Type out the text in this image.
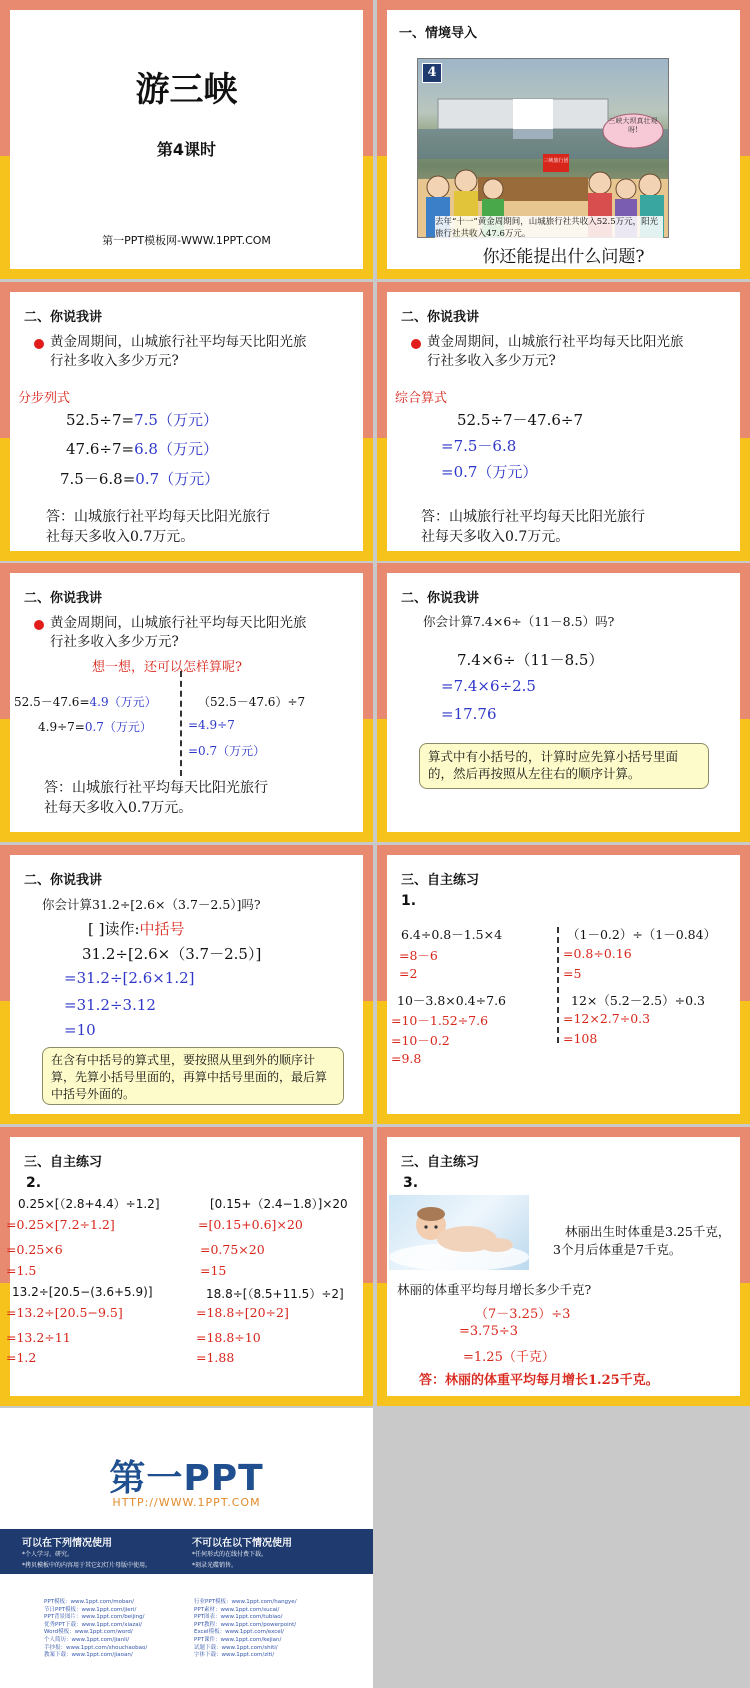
游三峡
第4课时
第一PPT模板网-WWW.1PPT.COM
一、情境导入
4
三峡大坝真壮观呀!
三峡旅行团
去年“十一”黄金周期间，山城旅行社共收入52.5万元，阳光旅行社共收入47.6万元。
你还能提出什么问题?
二、你说我讲
黄金周期间，山城旅行社平均每天比阳光旅
行社多收入多少万元?
分步列式
52.5÷7=7.5（万元）
47.6÷7=6.8（万元）
7.5－6.8=0.7（万元）
答：山城旅行社平均每天比阳光旅行
社每天多收入0.7万元。
二、你说我讲
黄金周期间，山城旅行社平均每天比阳光旅
行社多收入多少万元?
综合算式
52.5÷7－47.6÷7
=7.5－6.8
=0.7（万元）
答：山城旅行社平均每天比阳光旅行
社每天多收入0.7万元。
二、你说我讲
黄金周期间，山城旅行社平均每天比阳光旅
行社多收入多少万元?
想一想，还可以怎样算呢?
52.5－47.6=4.9（万元）
4.9÷7=0.7（万元）
（52.5－47.6）÷7
=4.9÷7
=0.7（万元）
答：山城旅行社平均每天比阳光旅行
社每天多收入0.7万元。
二、你说我讲
你会计算7.4×6÷（11－8.5）吗?
7.4×6÷（11－8.5）
=7.4×6÷2.5
=17.76
算式中有小括号的，计算时应先算小括号里面的，然后再按照从左往右的顺序计算。
二、你说我讲
你会计算31.2÷[2.6×（3.7－2.5）]吗?
[ ]读作:中括号
31.2÷[2.6×（3.7－2.5）]
=31.2÷[2.6×1.2]
=31.2÷3.12
=10
在含有中括号的算式里，要按照从里到外的顺序计算，先算小括号里面的，再算中括号里面的，最后算中括号外面的。
三、自主练习
1.
6.4÷0.8－1.5×4
=8－6
=2
（1－0.2）÷（1－0.84）
=0.8÷0.16
=5
10－3.8×0.4÷7.6
=10－1.52÷7.6
=10－0.2
=9.8
12×（5.2－2.5）÷0.3
=12×2.7÷0.3
=108
三、自主练习
2.
0.25×[（2.8+4.4）÷1.2]
=0.25×[7.2÷1.2]
=0.25×6
=1.5
[0.15+（2.4−1.8）]×20
=[0.15+0.6]×20
=0.75×20
=15
13.2÷[20.5−(3.6+5.9)]
=13.2÷[20.5−9.5]
=13.2÷11
=1.2
18.8÷[（8.5+11.5）÷2]
=18.8÷[20÷2]
=18.8÷10
=1.88
三、自主练习
3.
林丽出生时体重是3.25千克，
3个月后体重是7千克。
林丽的体重平均每月增长多少千克?
（7－3.25）÷3
=3.75÷3
=1.25（千克）
答：林丽的体重平均每月增长1.25千克。
第一PPT
HTTP://WWW.1PPT.COM
可以在下列情况使用
*个人学习、研究。
*拷贝模板中的内容用于其它幻灯片母版中使用。
不可以在以下情况使用
*任何形式的在线付费下载。
*刻录光碟销售。
PPT模板：www.1ppt.com/moban/
节日PPT模板：www.1ppt.com/jieri/
PPT背景图片：www.1ppt.com/beijing/
优秀PPT下载：www.1ppt.com/xiazai/
Word模板：www.1ppt.com/word/
个人简历：www.1ppt.com/jianli/
手抄报：www.1ppt.com/shouchaobao/
教案下载：www.1ppt.com/jiaoan/
行业PPT模板：www.1ppt.com/hangye/
PPT素材：www.1ppt.com/sucai/
PPT图表：www.1ppt.com/tubiao/
PPT教程：www.1ppt.com/powerpoint/
Excel模板：www.1ppt.com/excel/
PPT课件：www.1ppt.com/kejian/
试题下载：www.1ppt.com/shiti/
字体下载：www.1ppt.com/ziti/
